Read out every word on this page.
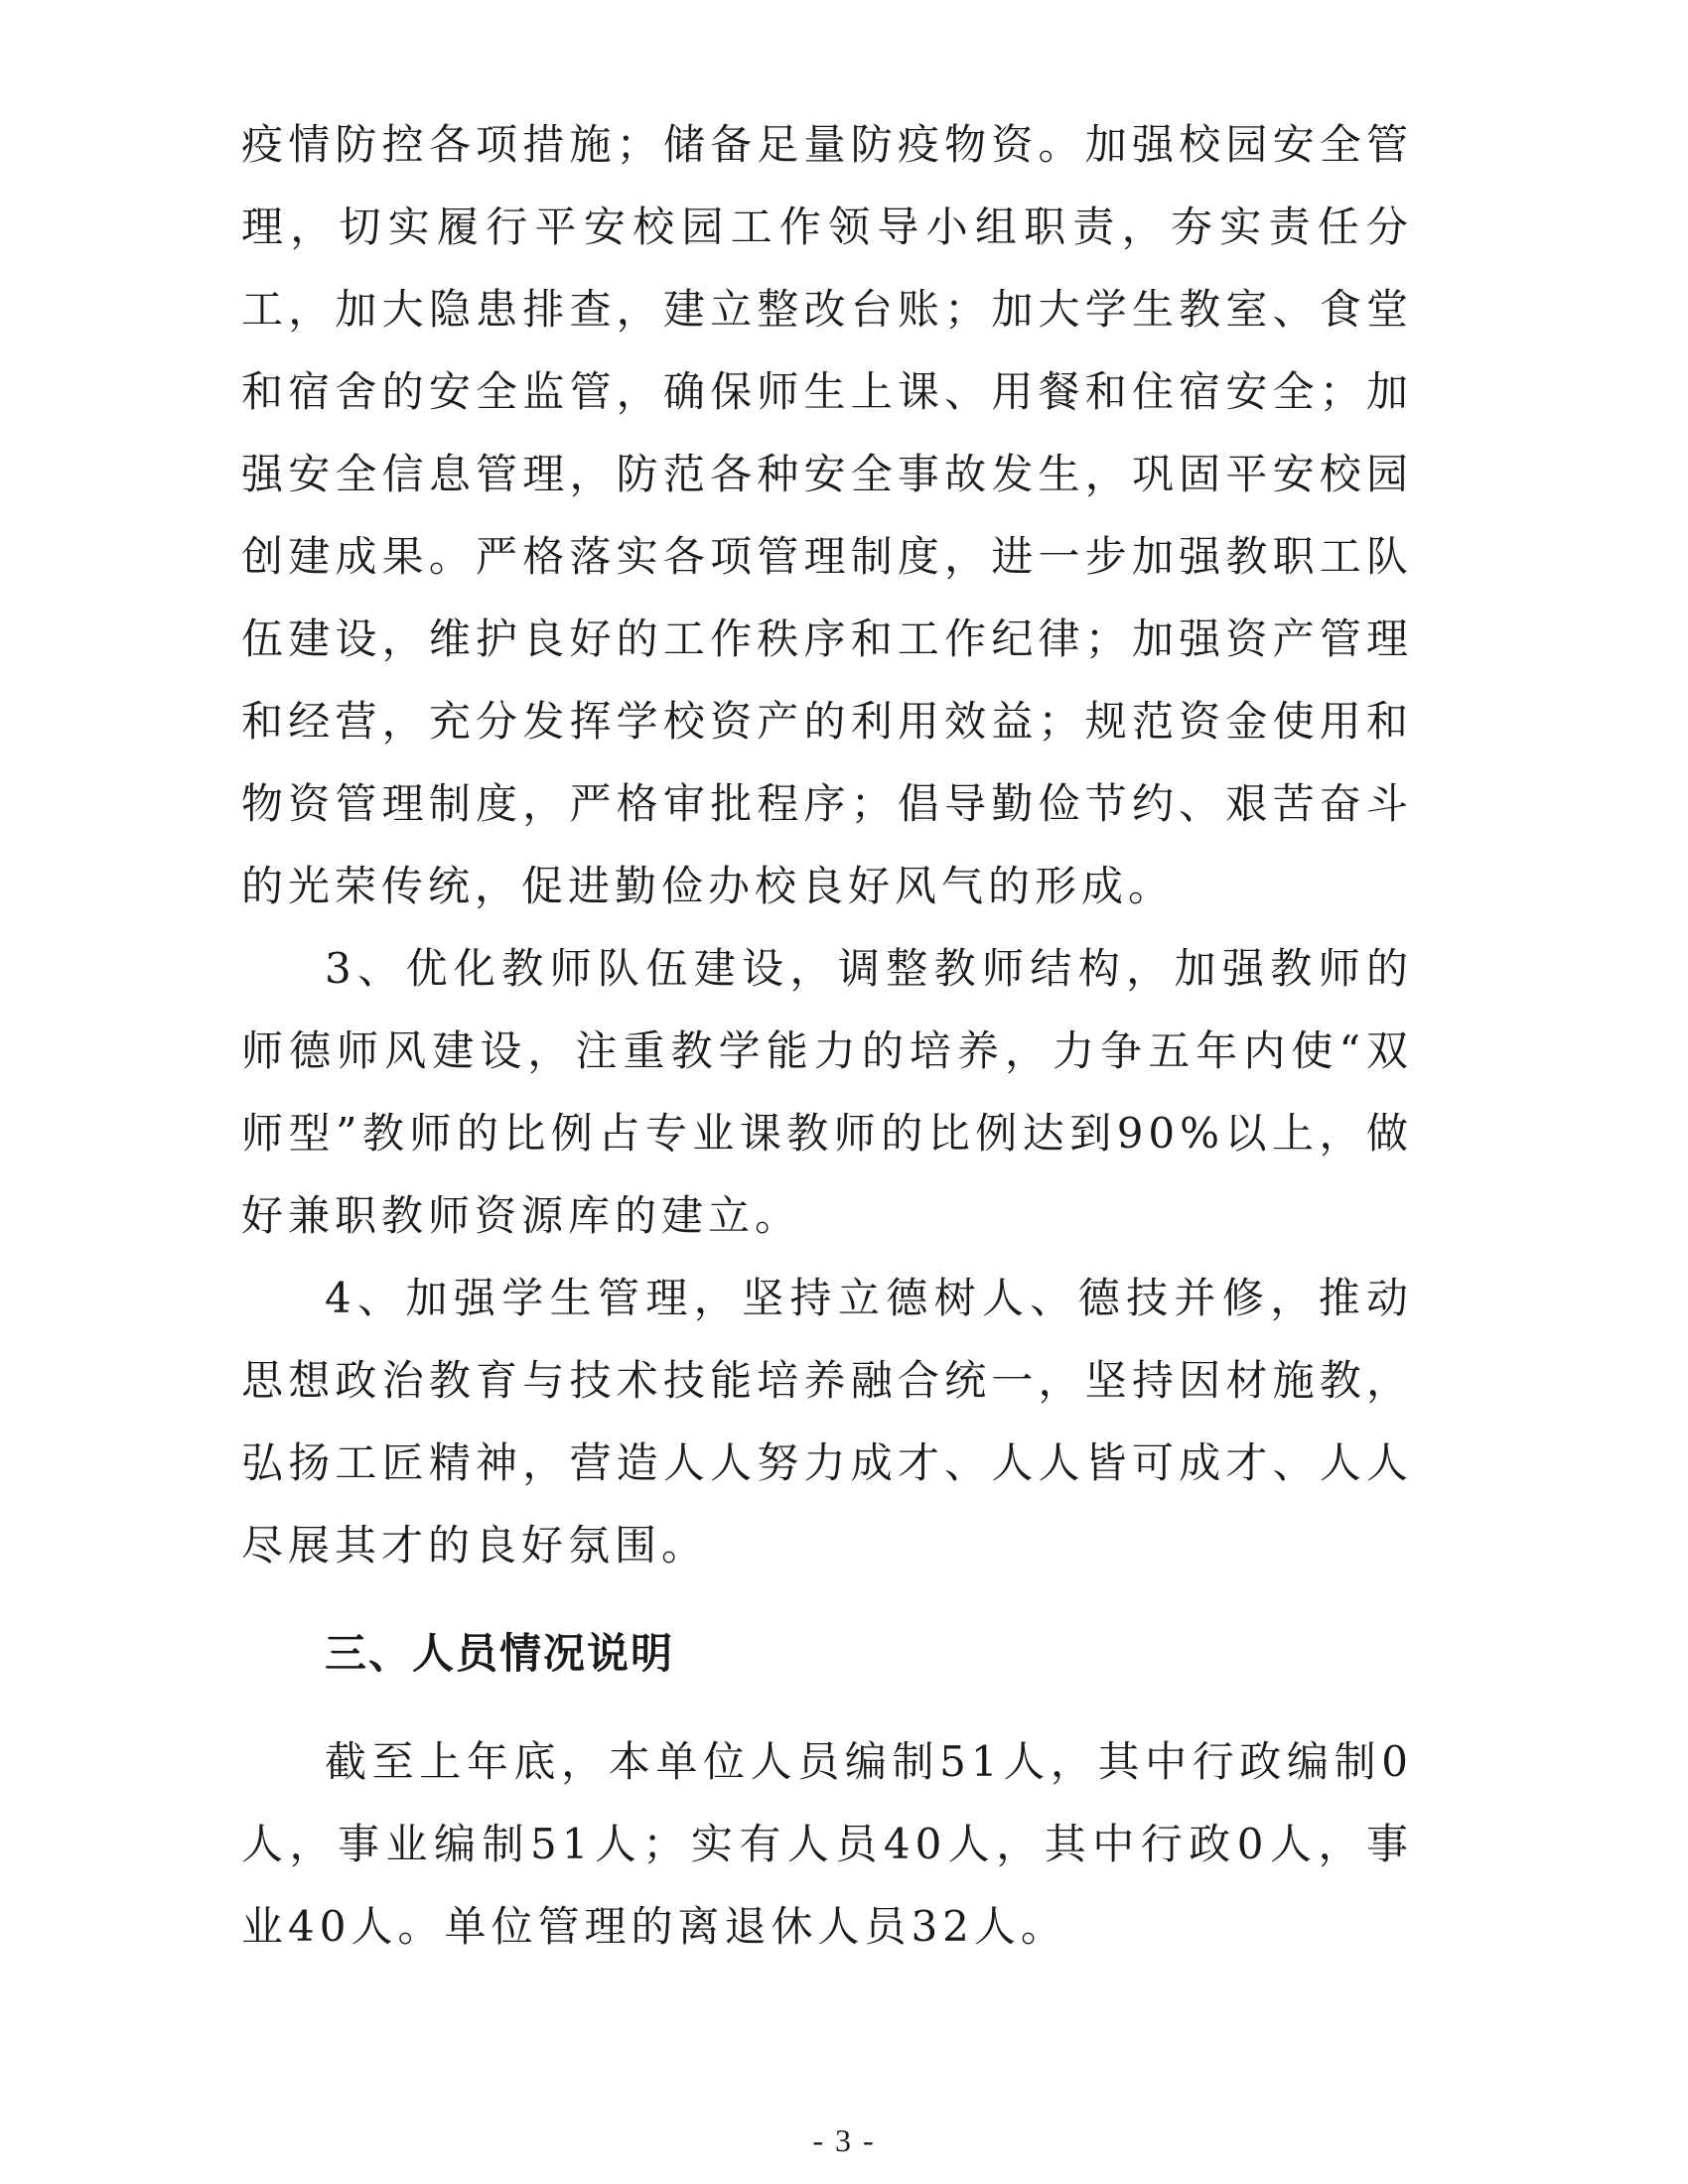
疫情防控各项措施；储备足量防疫物资。加强校园安全管理，切实履行平安校园工作领导小组职责，夯实责任分工，加大隐患排查，建立整改台账；加大学生教室、食堂和宿舍的安全监管，确保师生上课、用餐和住宿安全；加强安全信息管理，防范各种安全事故发生，巩固平安校园创建成果。严格落实各项管理制度，进一步加强教职工队伍建设，维护良好的工作秩序和工作纪律；加强资产管理和经营，充分发挥学校资产的利用效益；规范资金使用和物资管理制度，严格审批程序；倡导勤俭节约、艰苦奋斗的光荣传统，促进勤俭办校良好风气的形成。

3、优化教师队伍建设，调整教师结构，加强教师的师德师风建设，注重教学能力的培养，力争五年内使“双师型”教师的比例占专业课教师的比例达到90%以上，做好兼职教师资源库的建立。

4、加强学生管理，坚持立德树人、德技并修，推动思想政治教育与技术技能培养融合统一，坚持因材施教，弘扬工匠精神，营造人人努力成才、人人皆可成才、人人尽展其才的良好氛围。

三、人员情况说明

截至上年底，本单位人员编制51人，其中行政编制0人，事业编制51人；实有人员40人，其中行政0人，事业40人。单位管理的离退休人员32人。

- 3 -
